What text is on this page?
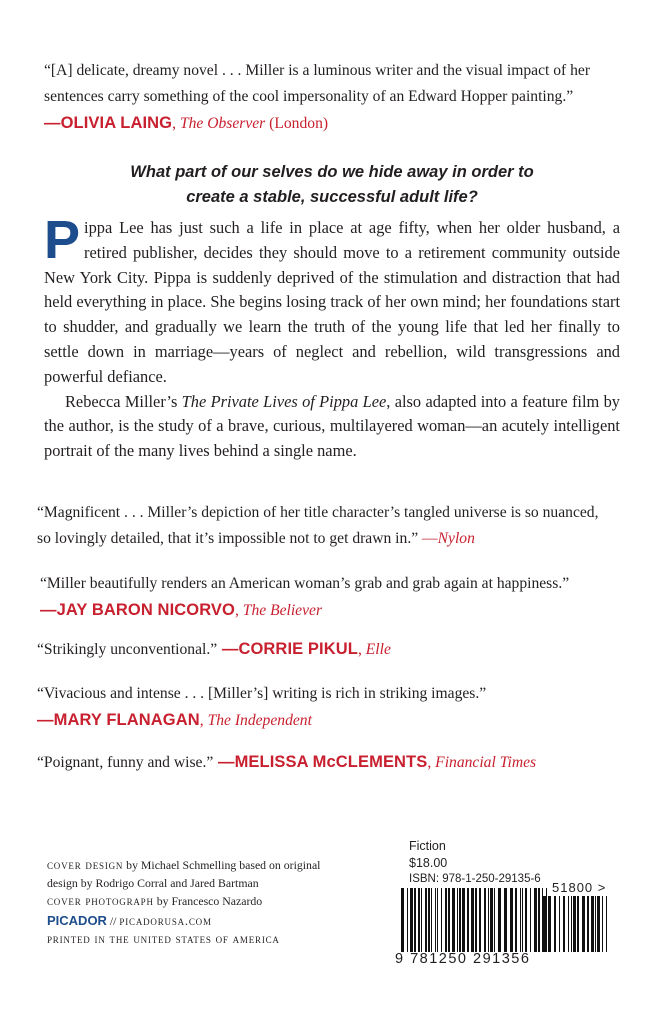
“[A] delicate, dreamy novel . . . Miller is a luminous writer and the visual impact of her
sentences carry something of the cool impersonality of an Edward Hopper painting.”
—OLIVIA LAING, The Observer (London)
What part of our selves do we hide away in order to
create a stable, successful adult life?

Pippa Lee has just such a life in place at age fifty, when her older husband, a retired publisher, decides they should move to a retirement community outside New York City. Pippa is suddenly deprived of the stimulation and distraction that had held everything in place. She begins losing track of her own mind; her foundations start to shudder, and gradually we learn the truth of the young life that led her finally to settle down in marriage—years of neglect and rebellion, wild transgressions and powerful defiance.

Rebecca Miller’s The Private Lives of Pippa Lee, also adapted into a feature film by the author, is the study of a brave, curious, multilayered woman—an acutely intelligent portrait of the many lives behind a single name.

“Magnificent . . . Miller’s depiction of her title character’s tangled universe is so nuanced,
so lovingly detailed, that it’s impossible not to get drawn in.” —Nylon
“Miller beautifully renders an American woman’s grab and grab again at happiness.”
—JAY BARON NICORVO, The Believer
“Strikingly unconventional.” —CORRIE PIKUL, Elle
“Vivacious and intense . . . [Miller’s] writing is rich in striking images.”
—MARY FLANAGAN, The Independent
“Poignant, funny and wise.” —MELISSA McCLEMENTS, Financial Times
cover design by Michael Schmelling based on original
design by Rodrigo Corral and Jared Bartman
cover photograph by Francesco Nazardo
PICADOR // picadorusa.com
printed in the united states of america
Fiction
$18.00
ISBN: 978-1-250-29135-6
9 781250 291356
51800 >
